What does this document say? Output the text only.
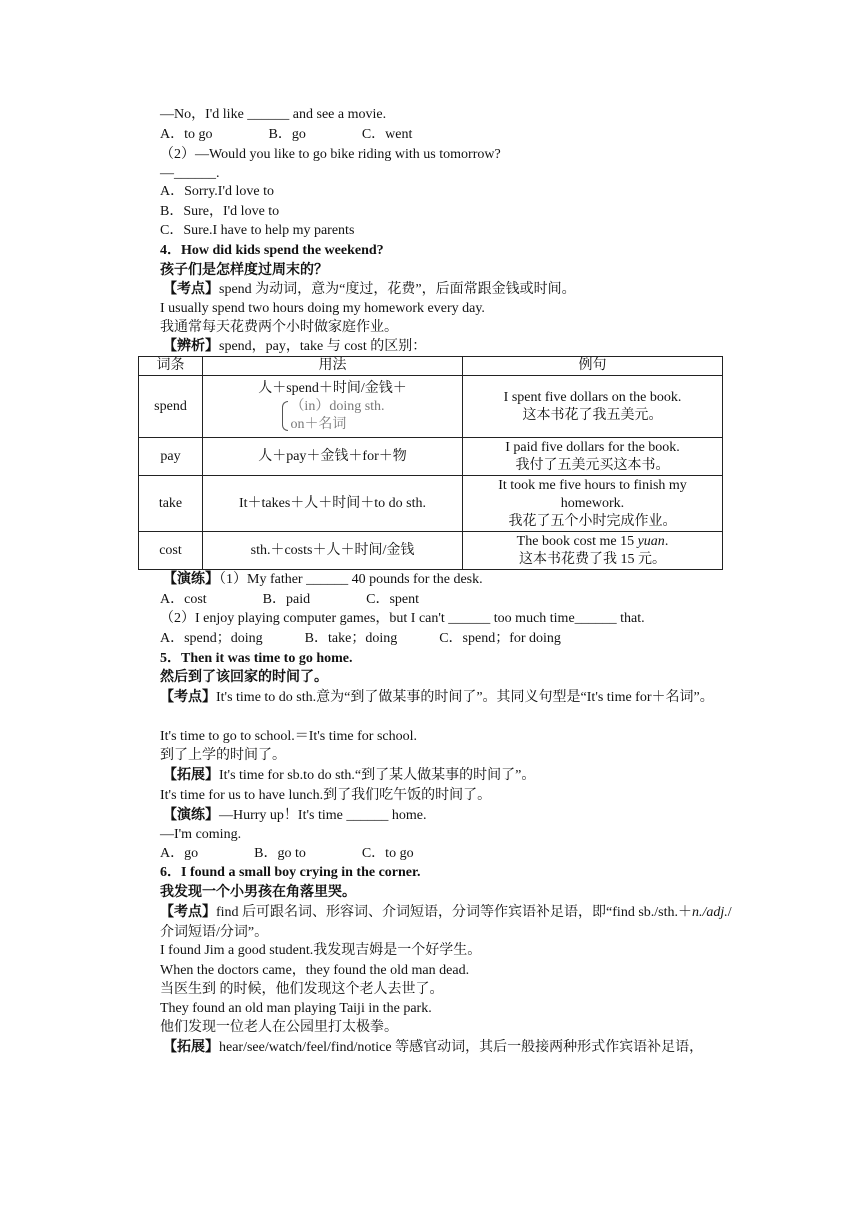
—No，I'd like ______ and see a movie.
A．to go　　　　B．go　　　　C．went
（2）—Would you like to go bike riding with us tomorrow?
—______.
A．Sorry.I'd love to
B．Sure，I'd love to
C．Sure.I have to help my parents
4．How did kids spend the weekend?
孩子们是怎样度过周末的？
【考点】spend 为动词，意为“度过，花费”，后面常跟金钱或时间。
I usually spend two hours doing my homework every day.
我通常每天花费两个小时做家庭作业。
【辨析】spend，pay，take 与 cost 的区别：
词条	用法	例句
spend	人＋spend＋时间/金钱＋
（in）doing sth.
on＋名词	I spent five dollars on the book.
这本书花了我五美元。

pay	人＋pay＋金钱＋for＋物	I paid five dollars for the book.
我付了五美元买这本书。

take	It＋takes＋人＋时间＋to do sth.	It took me five hours to finish my homework.
我花了五个小时完成作业。

cost	sth.＋costs＋人＋时间/金钱	The book cost me 15 yuan.
这本书花费了我 15 元。
【演练】（1）My father ______ 40 pounds for the desk.
A．cost　　　　B．paid　　　　C．spent
（2）I enjoy playing computer games，but I can't ______ too much time______ that.
A．spend；doing　　　B．take；doing　　　C．spend；for doing
5．Then it was time to go home.
然后到了该回家的时间了。
【考点】It's time to do sth.意为“到了做某事的时间了”。其同义句型是“It's time for＋名词”。
It's time to go to school.＝It's time for school.
到了上学的时间了。
【拓展】It's time for sb.to do sth.“到了某人做某事的时间了”。
It's time for us to have lunch.到了我们吃午饭的时间了。
【演练】—Hurry up！It's time ______ home.
—I'm coming.
A．go　　　　B．go to　　　　C．to go
6．I found a small boy crying in the corner.
我发现一个小男孩在角落里哭。
【考点】find 后可跟名词、形容词、介词短语，分词等作宾语补足语，即“find sb./sth.＋n./adj./介词短语/分词”。
I found Jim a good student.我发现吉姆是一个好学生。
When the doctors came，they found the old man dead.
当医生到 的时候，他们发现这个老人去世了。
They found an old man playing Taiji in the park.
他们发现一位老人在公园里打太极拳。
【拓展】hear/see/watch/feel/find/notice 等感官动词，其后一般接两种形式作宾语补足语，
